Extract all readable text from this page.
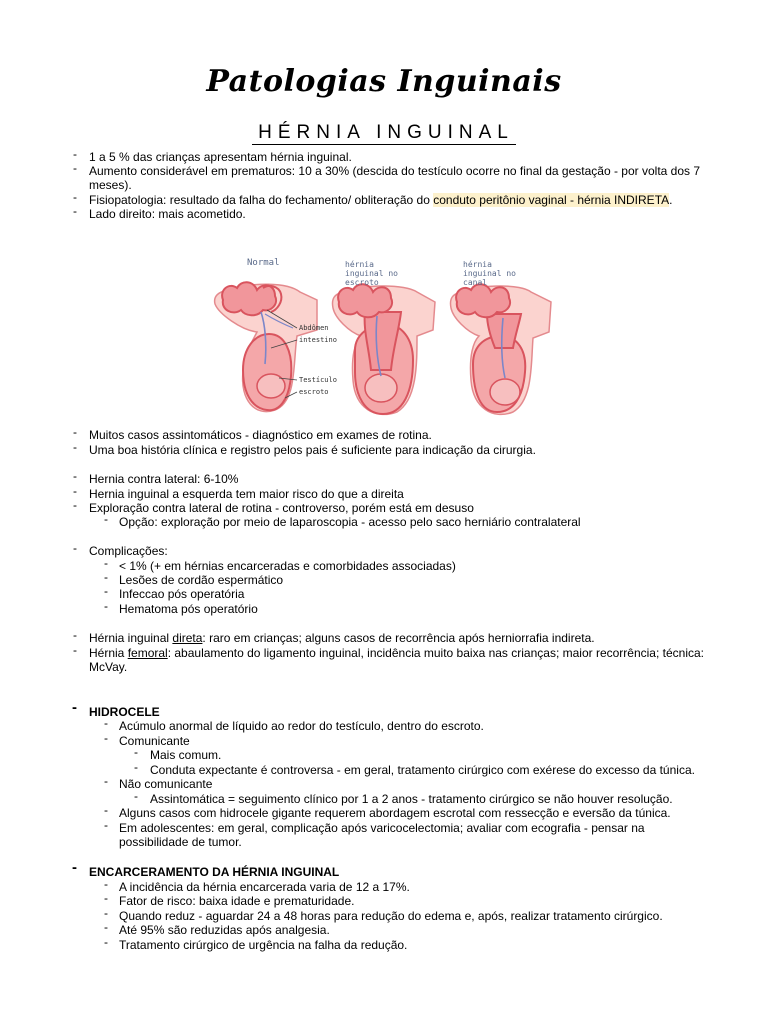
Patologias Inguinais
HÉRNIA INGUINAL
- 1 a 5 % das crianças apresentam hérnia inguinal.
- Aumento considerável em prematuros: 10 a 30% (descida do testículo ocorre no final da gestação - por volta dos 7
meses).
- Fisiopatologia: resultado da falha do fechamento/ obliteração do conduto peritônio vaginal - hérnia INDIRETA.
- Lado direito: mais acometido.
Normal	hérnia inguinal no escroto
hérnia inguinal no canal
Abdômen
intestino
Testículo
escroto
- Muitos casos assintomáticos - diagnóstico em exames de rotina.
- Uma boa história clínica e registro pelos pais é suficiente para indicação da cirurgia.
- Hernia contra lateral: 6-10%
- Hernia inguinal a esquerda tem maior risco do que a direita
- Exploração contra lateral de rotina - controverso, porém está em desuso
- Opção: exploração por meio de laparoscopia - acesso pelo saco herniário contralateral
- Complicações:
- < 1% (+ em hérnias encarceradas e comorbidades associadas)
- Lesões de cordão espermático
- Infeccao pós operatória
- Hematoma pós operatório
- Hérnia inguinal direta: raro em crianças; alguns casos de recorrência após herniorrafia indireta.
- Hérnia femoral: abaulamento do ligamento inguinal, incidência muito baixa nas crianças; maior recorrência; técnica:
McVay.
- HIDROCELE
- Acúmulo anormal de líquido ao redor do testículo, dentro do escroto.
- Comunicante
- Mais comum.
- Conduta expectante é controversa - em geral, tratamento cirúrgico com exérese do excesso da túnica.
- Não comunicante
- Assintomática = seguimento clínico por 1 a 2 anos - tratamento cirúrgico se não houver resolução.
- Alguns casos com hidrocele gigante requerem abordagem escrotal com ressecção e eversão da túnica.
- Em adolescentes: em geral, complicação após varicocelectomia; avaliar com ecografia - pensar na
possibilidade de tumor.
- ENCARCERAMENTO DA HÉRNIA INGUINAL
- A incidência da hérnia encarcerada varia de 12 a 17%.
- Fator de risco: baixa idade e prematuridade.
- Quando reduz - aguardar 24 a 48 horas para redução do edema e, após, realizar tratamento cirúrgico.
- Até 95% são reduzidas após analgesia.
- Tratamento cirúrgico de urgência na falha da redução.
